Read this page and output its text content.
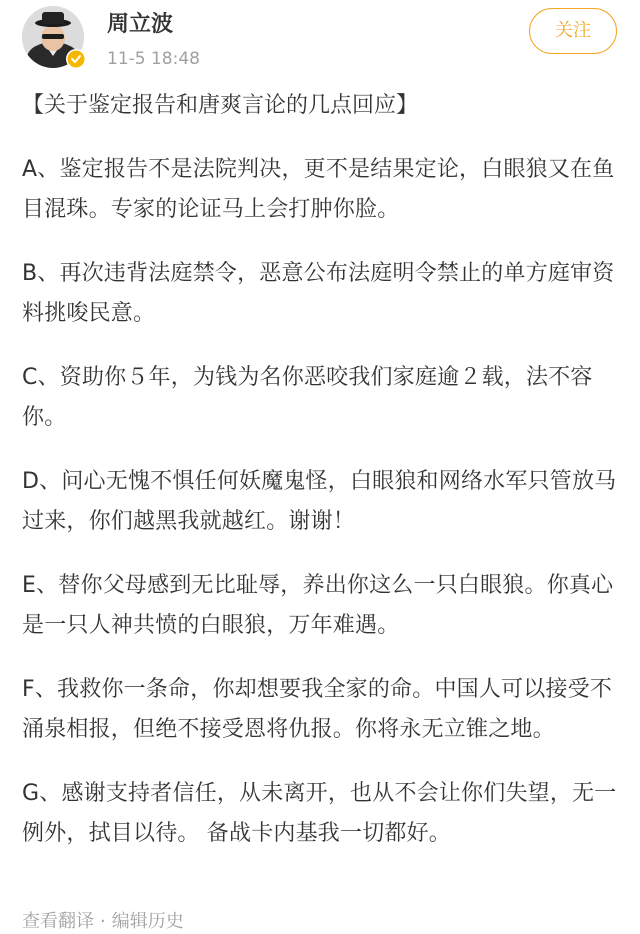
周立波
11-5 18:48
关注
【关于鉴定报告和唐爽言论的几点回应】
A、鉴定报告不是法院判决，更不是结果定论，白眼狼又在鱼目混珠。专家的论证马上会打肿你脸。
B、再次违背法庭禁令，恶意公布法庭明令禁止的单方庭审资料挑唆民意。
C、资助你５年，为钱为名你恶咬我们家庭逾２载，法不容你。
D、问心无愧不惧任何妖魔鬼怪，白眼狼和网络水军只管放马过来，你们越黑我就越红。谢谢！
E、替你父母感到无比耻辱，养出你这么一只白眼狼。你真心是一只人神共愤的白眼狼，万年难遇。
F、我救你一条命，你却想要我全家的命。中国人可以接受不涌泉相报，但绝不接受恩将仇报。你将永无立锥之地。
G、感谢支持者信任，从未离开，也从不会让你们失望，无一例外，拭目以待。 备战卡内基我一切都好。
查看翻译 · 编辑历史
